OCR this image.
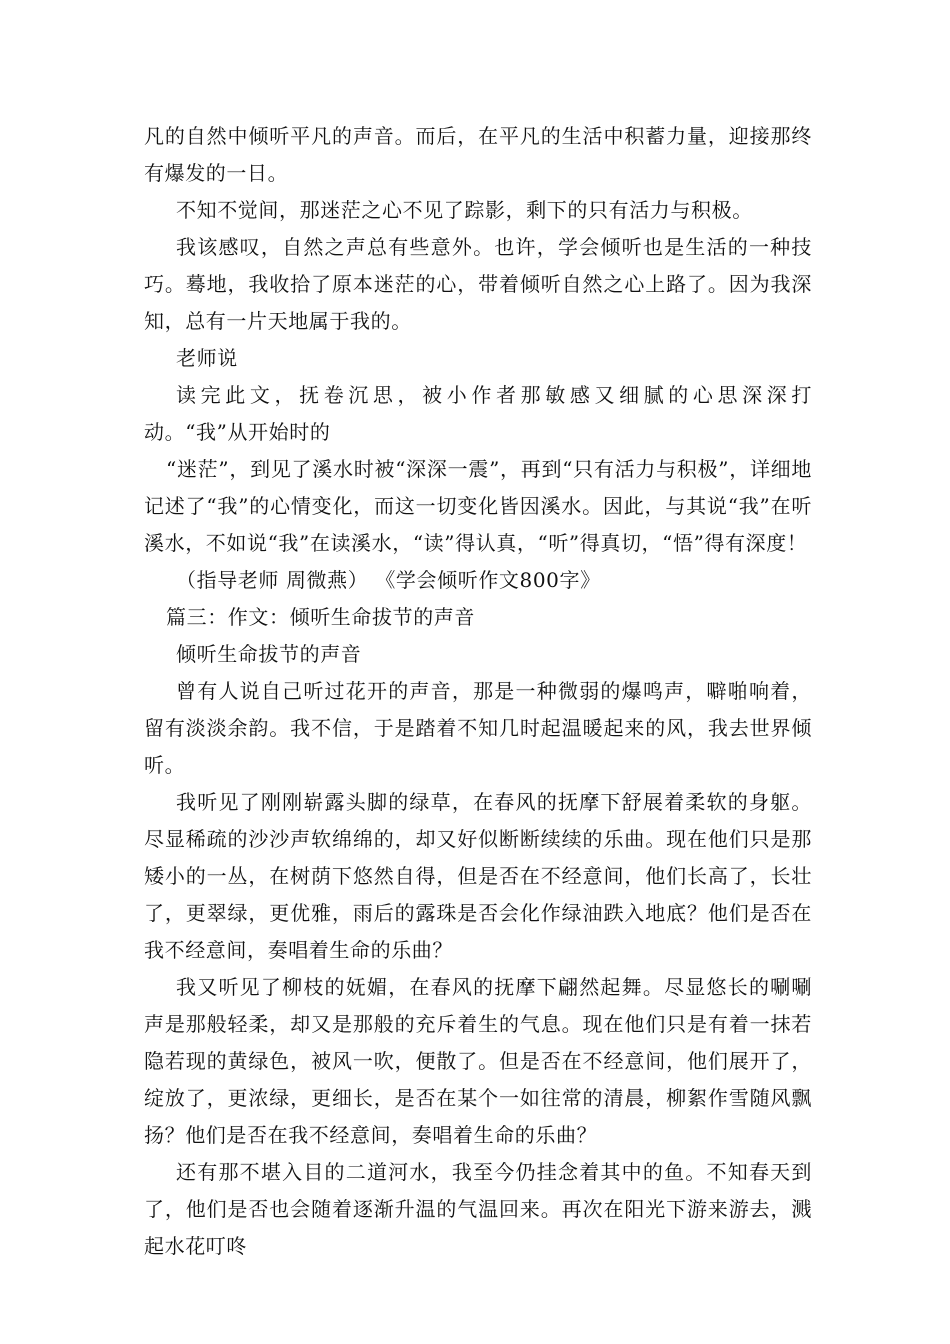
凡的自然中倾听平凡的声音。而后，在平凡的生活中积蓄力量，迎接那终有爆发的一日。

不知不觉间，那迷茫之心不见了踪影，剩下的只有活力与积极。

我该感叹，自然之声总有些意外。也许，学会倾听也是生活的一种技巧。蓦地，我收拾了原本迷茫的心，带着倾听自然之心上路了。因为我深知，总有一片天地属于我的。

老师说

读完此文，抚卷沉思，被小作者那敏感又细腻的心思深深打动。“我”从开始时的

“迷茫”，到见了溪水时被“深深一震”，再到“只有活力与积极”，详细地记述了“我”的心情变化，而这一切变化皆因溪水。因此，与其说“我”在听溪水，不如说“我”在读溪水，“读”得认真，“听”得真切，“悟”得有深度！

（指导老师 周微燕） 《学会倾听作文800字》

篇三：作文：倾听生命拔节的声音

倾听生命拔节的声音

曾有人说自己听过花开的声音，那是一种微弱的爆鸣声，噼啪响着，留有淡淡余韵。我不信，于是踏着不知几时起温暖起来的风，我去世界倾听。

我听见了刚刚崭露头脚的绿草，在春风的抚摩下舒展着柔软的身躯。尽显稀疏的沙沙声软绵绵的，却又好似断断续续的乐曲。现在他们只是那矮小的一丛，在树荫下悠然自得，但是否在不经意间，他们长高了，长壮了，更翠绿，更优雅，雨后的露珠是否会化作绿油跌入地底？他们是否在我不经意间，奏唱着生命的乐曲？

我又听见了柳枝的妩媚，在春风的抚摩下翩然起舞。尽显悠长的唰唰声是那般轻柔，却又是那般的充斥着生的气息。现在他们只是有着一抹若隐若现的黄绿色，被风一吹，便散了。但是否在不经意间，他们展开了，绽放了，更浓绿，更细长，是否在某个一如往常的清晨，柳絮作雪随风飘扬？他们是否在我不经意间，奏唱着生命的乐曲？

还有那不堪入目的二道河水，我至今仍挂念着其中的鱼。不知春天到了，他们是否也会随着逐渐升温的气温回来。再次在阳光下游来游去，溅起水花叮咚
